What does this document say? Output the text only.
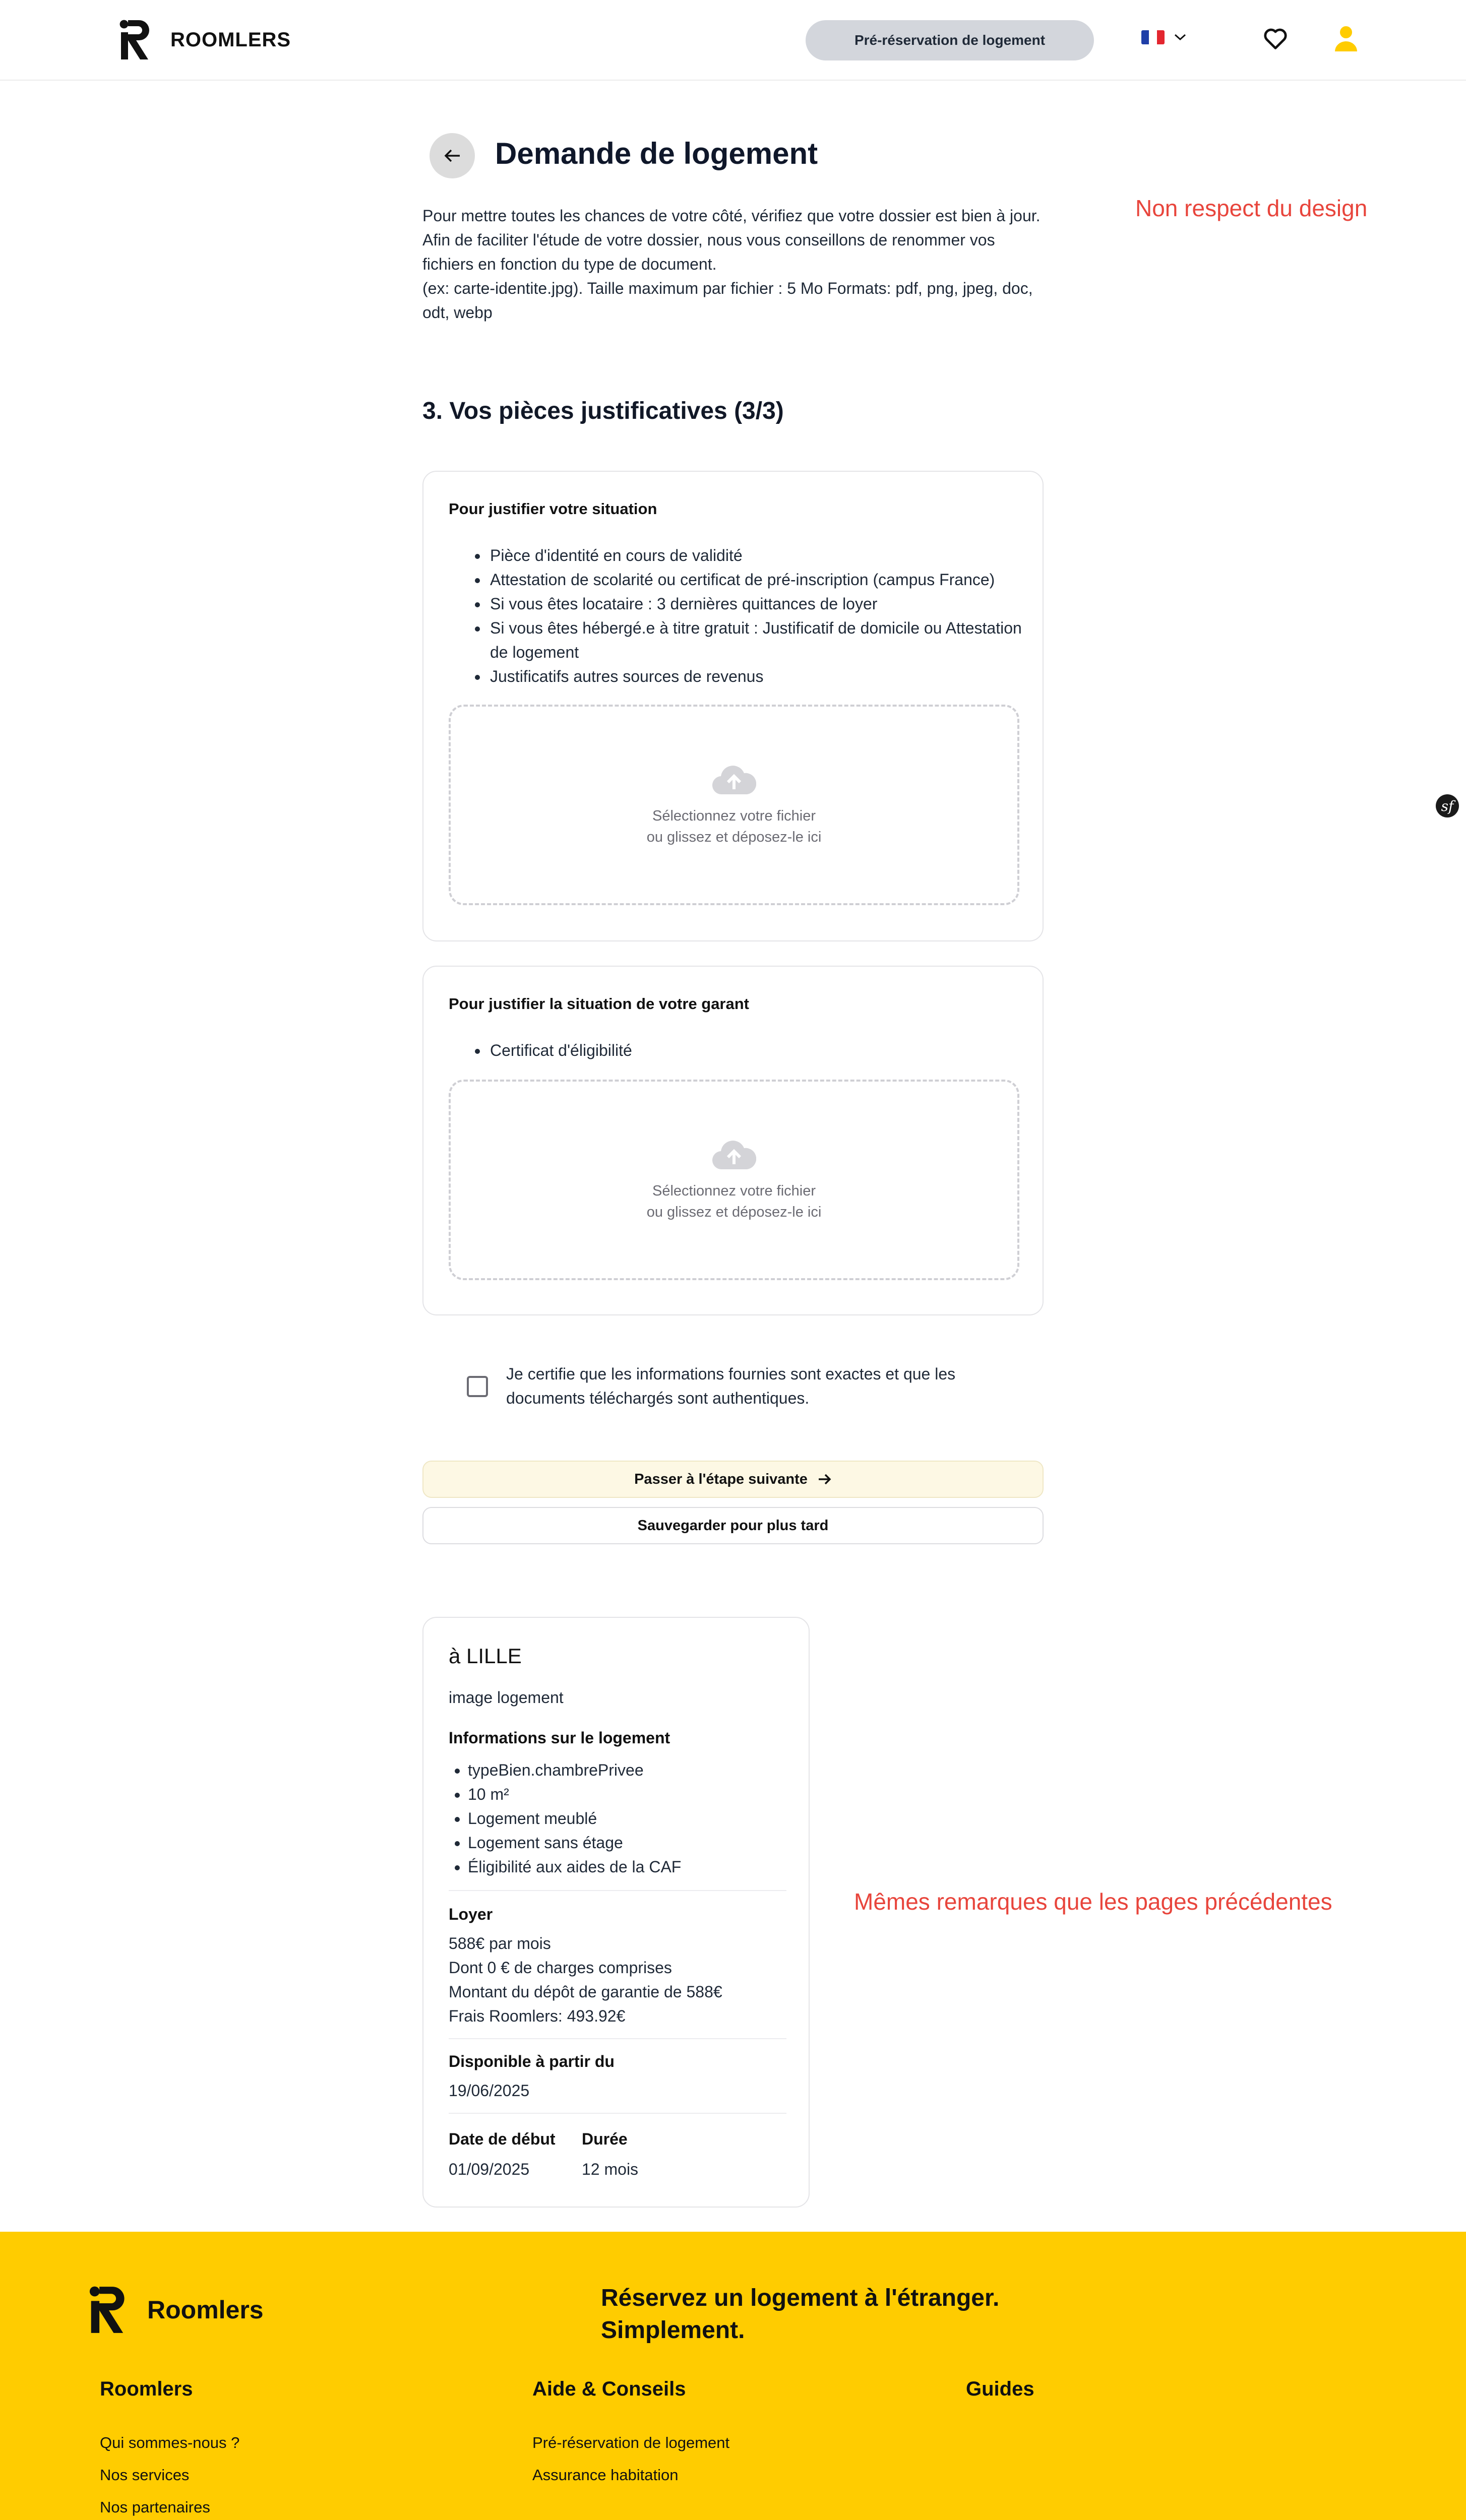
ROOMLERS	Pré-réservation de logement
Demande de logement

Pour mettre toutes les chances de votre côté, vérifiez que votre dossier est bien à jour.

Afin de faciliter l'étude de votre dossier, nous vous conseillons de renommer vos fichiers en fonction du type de document.

(ex: carte-identite.jpg). Taille maximum par fichier : 5 Mo Formats: pdf, png, jpeg, doc, odt, webp

Non respect du design
3. Vos pièces justificatives (3/3)
Pour justifier votre situation
• Pièce d'identité en cours de validité
• Attestation de scolarité ou certificat de pré-inscription (campus France)
• Si vous êtes locataire : 3 dernières quittances de loyer
• Si vous êtes hébergé.e à titre gratuit : Justificatif de domicile ou Attestation de logement
• Justificatifs autres sources de revenus
Sélectionnez votre fichier
ou glissez et déposez-le ici
Pour justifier la situation de votre garant
• Certificat d'éligibilité
Sélectionnez votre fichier
ou glissez et déposez-le ici
Je certifie que les informations fournies sont exactes et que les documents téléchargés sont authentiques.
Passer à l'étape suivante
Sauvegarder pour plus tard
à LILLE
image logement
Informations sur le logement
• typeBien.chambrePrivee
• 10 m²
• Logement meublé
• Logement sans étage
• Éligibilité aux aides de la CAF
Loyer
588€ par mois
Dont 0 € de charges comprises
Montant du dépôt de garantie de 588€
Frais Roomlers: 493.92€
Disponible à partir du
19/06/2025
Date de début Durée
01/09/2025	12 mois
Mêmes remarques que les pages précédentes
Roomlers	Réservez un logement à l'étranger.
Simplement.
Roomlers
Qui sommes-nous ?
Nos services
Nos partenaires
Aide & Conseils
Pré-réservation de logement
Assurance habitation
Guides
sf
